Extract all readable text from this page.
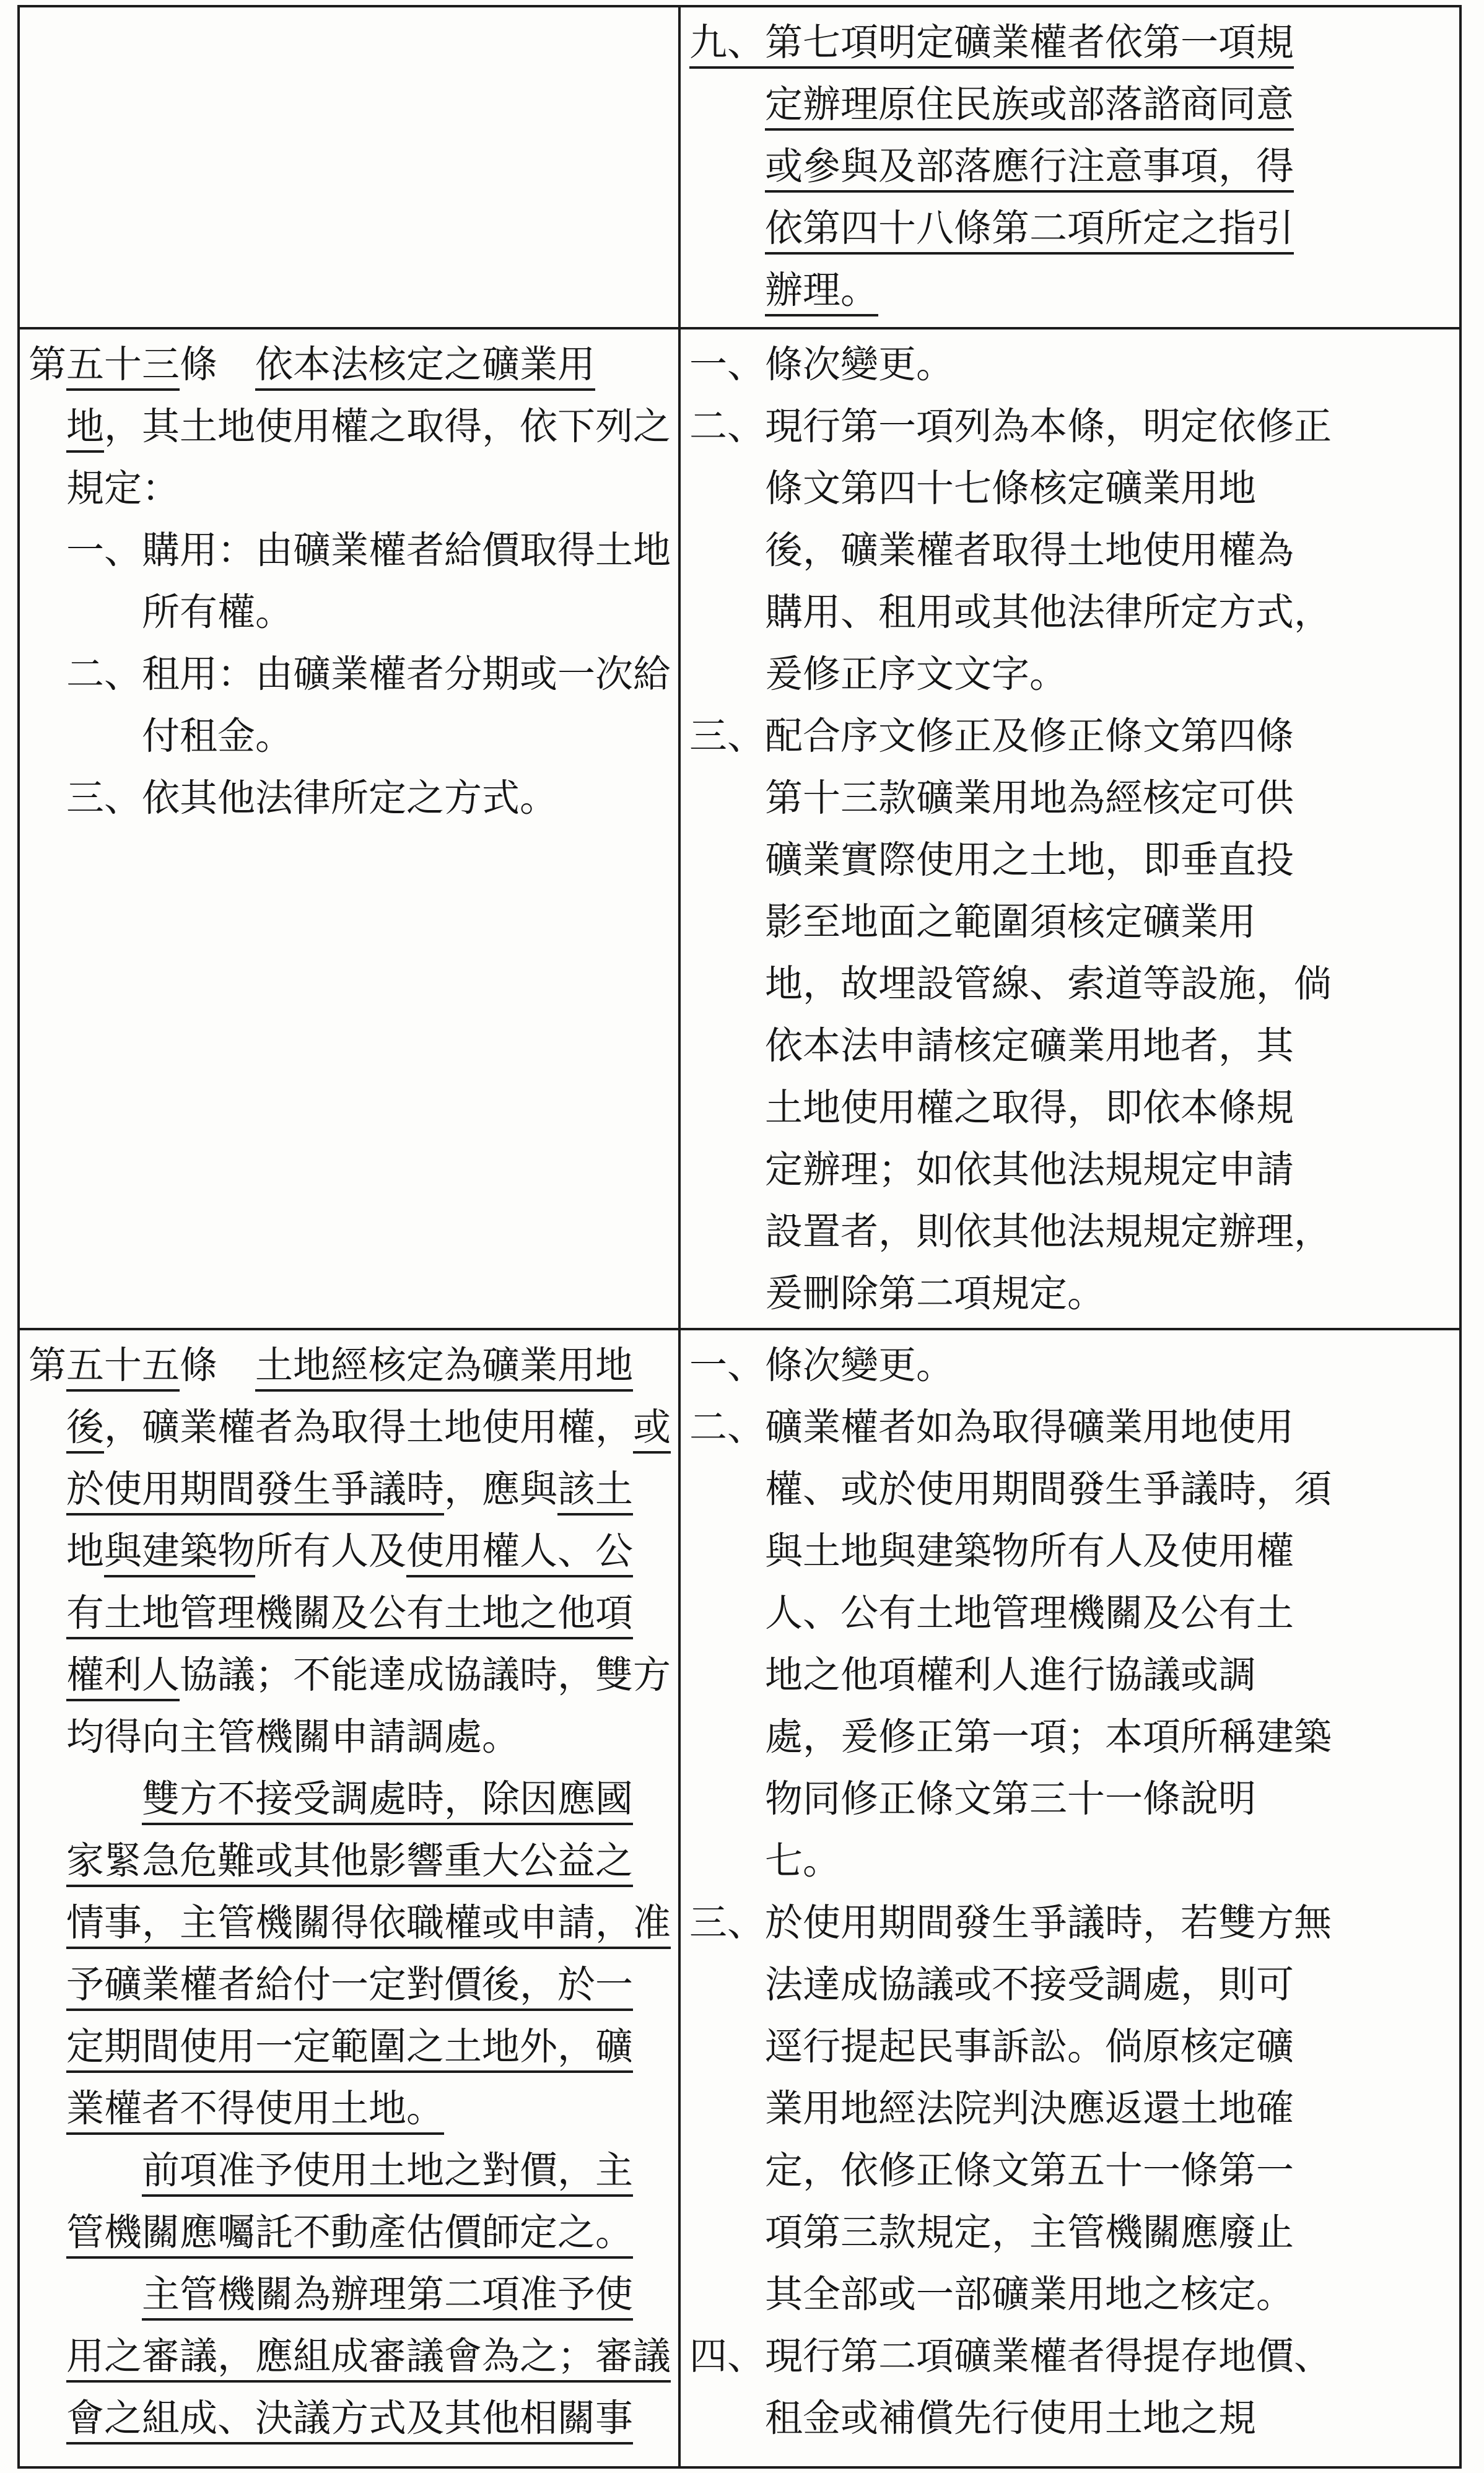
九、第七項明定礦業權者依第一項規
定辦理原住民族或部落諮商同意
或參與及部落應行注意事項，得
依第四十八條第二項所定之指引
辦理。
第五十三條　依本法核定之礦業用
地，其土地使用權之取得，依下列之
規定：
一、購用：由礦業權者給價取得土地
所有權。
二、租用：由礦業權者分期或一次給
付租金。
三、依其他法律所定之方式。
一、條次變更。
二、現行第一項列為本條，明定依修正
條文第四十七條核定礦業用地
後，礦業權者取得土地使用權為
購用、租用或其他法律所定方式，
爰修正序文文字。
三、配合序文修正及修正條文第四條
第十三款礦業用地為經核定可供
礦業實際使用之土地，即垂直投
影至地面之範圍須核定礦業用
地，故埋設管線、索道等設施，倘
依本法申請核定礦業用地者，其
土地使用權之取得，即依本條規
定辦理；如依其他法規規定申請
設置者，則依其他法規規定辦理，
爰刪除第二項規定。
第五十五條　土地經核定為礦業用地
後，礦業權者為取得土地使用權，或
於使用期間發生爭議時，應與該土
地與建築物所有人及使用權人、公
有土地管理機關及公有土地之他項
權利人協議；不能達成協議時，雙方
均得向主管機關申請調處。
雙方不接受調處時，除因應國
家緊急危難或其他影響重大公益之
情事，主管機關得依職權或申請，准
予礦業權者給付一定對價後，於一
定期間使用一定範圍之土地外，礦
業權者不得使用土地。
前項准予使用土地之對價，主
管機關應囑託不動產估價師定之。
主管機關為辦理第二項准予使
用之審議，應組成審議會為之；審議
會之組成、決議方式及其他相關事
一、條次變更。
二、礦業權者如為取得礦業用地使用
權、或於使用期間發生爭議時，須
與土地與建築物所有人及使用權
人、公有土地管理機關及公有土
地之他項權利人進行協議或調
處，爰修正第一項；本項所稱建築
物同修正條文第三十一條說明
七。
三、於使用期間發生爭議時，若雙方無
法達成協議或不接受調處，則可
逕行提起民事訴訟。倘原核定礦
業用地經法院判決應返還土地確
定，依修正條文第五十一條第一
項第三款規定，主管機關應廢止
其全部或一部礦業用地之核定。
四、現行第二項礦業權者得提存地價、
租金或補償先行使用土地之規
